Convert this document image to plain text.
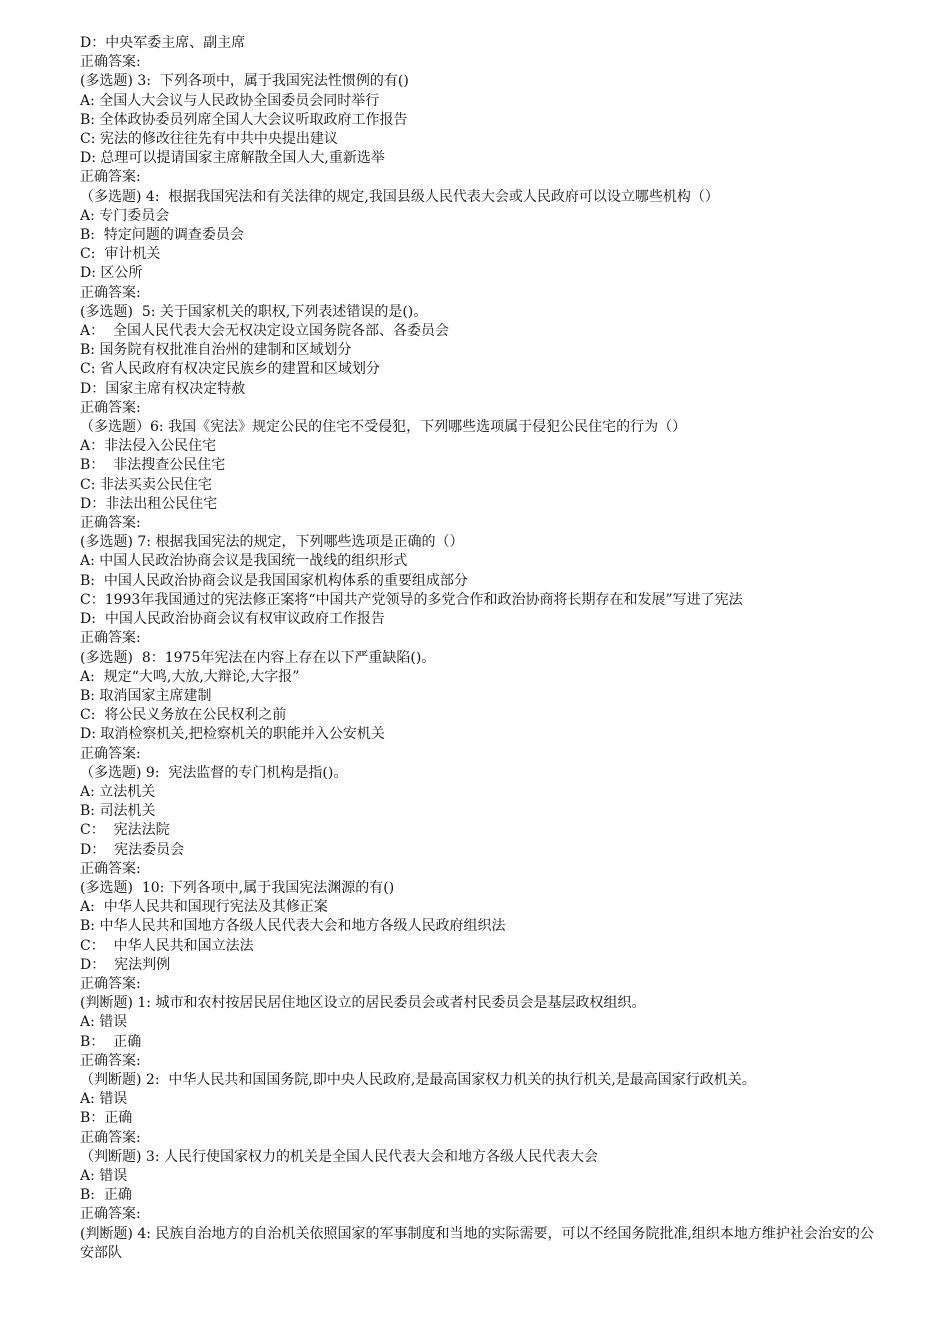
D：中央军委主席、副主席
正确答案:
(多选题) 3:  下列各项中，属于我国宪法性惯例的有()
A: 全国人大会议与人民政协全国委员会同时举行
B: 全体政协委员列席全国人大会议听取政府工作报告
C: 宪法的修改往往先有中共中央提出建议
D: 总理可以提请国家主席解散全国人大,重新选举
正确答案:
（多选题) 4:  根据我国宪法和有关法律的规定,我国县级人民代表大会或人民政府可以设立哪些机构（）
A: 专门委员会
B:  特定问题的调查委员会
C:  审计机关
D: 区公所
正确答案:
(多选题)  5: 关于国家机关的职权,下列表述错误的是()。
A：  全国人民代表大会无权决定设立国务院各部、各委员会
B: 国务院有权批准自治州的建制和区域划分
C: 省人民政府有权决定民族乡的建置和区域划分
D：国家主席有权决定特赦
正确答案:
（多选题）6: 我国《宪法》规定公民的住宅不受侵犯，下列哪些选项属于侵犯公民住宅的行为（）
A：非法侵入公民住宅
B：  非法搜查公民住宅
C: 非法买卖公民住宅
D：非法出租公民住宅
正确答案:
(多选题) 7: 根据我国宪法的规定，下列哪些选项是正确的（）
A: 中国人民政治协商会议是我国统一战线的组织形式
B:  中国人民政治协商会议是我国国家机构体系的重要组成部分
C：1993年我国通过的宪法修正案将“中国共产党领导的多党合作和政治协商将长期存在和发展”写进了宪法
D:  中国人民政治协商会议有权审议政府工作报告
正确答案:
(多选题)  8：1975年宪法在内容上存在以下严重缺陷()。
A:  规定“大鸣,大放,大辩论,大字报”
B: 取消国家主席建制
C:  将公民义务放在公民权利之前
D: 取消检察机关,把检察机关的职能并入公安机关
正确答案:
（多选题) 9:  宪法监督的专门机构是指()。
A: 立法机关
B: 司法机关
C：  宪法法院
D：  宪法委员会
正确答案:
(多选题)  10: 下列各项中,属于我国宪法渊源的有()
A:  中华人民共和国现行宪法及其修正案
B: 中华人民共和国地方各级人民代表大会和地方各级人民政府组织法
C：  中华人民共和国立法法
D：  宪法判例
正确答案:
(判断题) 1: 城市和农村按居民居住地区设立的居民委员会或者村民委员会是基层政权组织。
A: 错误
B：  正确
正确答案:
（判断题) 2:  中华人民共和国国务院,即中央人民政府,是最高国家权力机关的执行机关,是最高国家行政机关。
A: 错误
B：正确
正确答案:
（判断题) 3: 人民行使国家权力的机关是全国人民代表大会和地方各级人民代表大会
A: 错误
B:  正确
正确答案:
(判断题) 4: 民族自治地方的自治机关依照国家的军事制度和当地的实际需要，可以不经国务院批准,组织本地方维护社会治安的公安部队
